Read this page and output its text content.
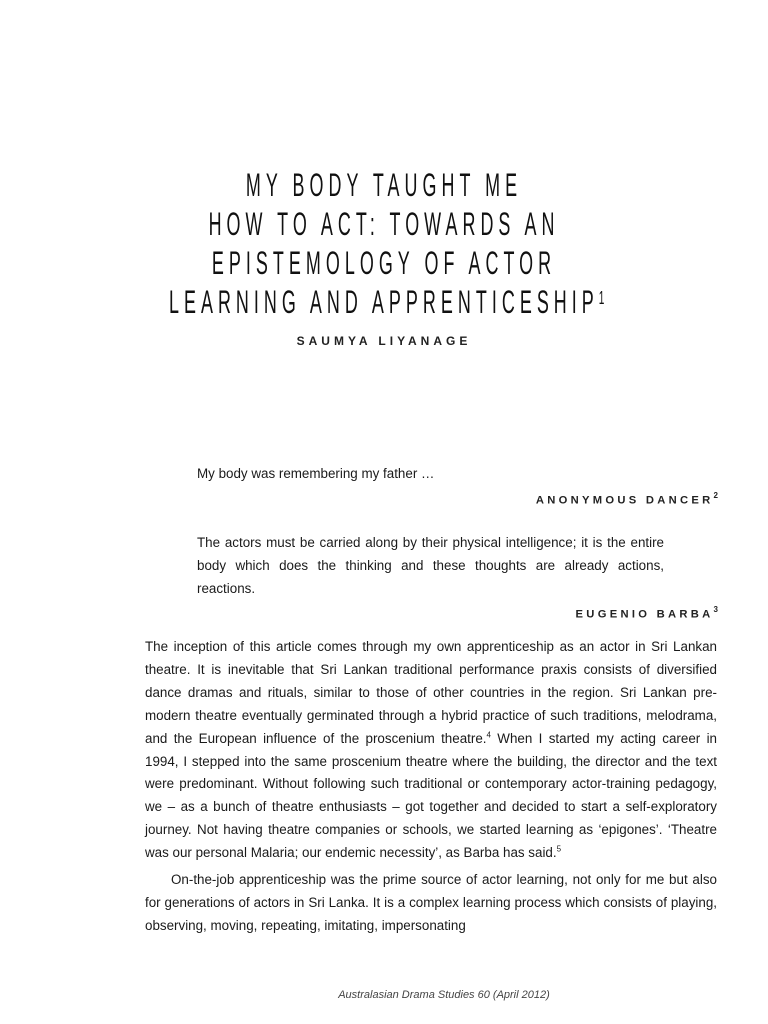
MY BODY TAUGHT ME
HOW TO ACT: TOWARDS AN
EPISTEMOLOGY OF ACTOR
LEARNING AND APPRENTICESHIP$^1$
SAUMYA LIYANAGE
My body was remembering my father …
ANONYMOUS DANCER$^2$
The actors must be carried along by their physical intelligence; it is the entire body which does the thinking and these thoughts are already actions, reactions.
EUGENIO BARBA$^3$

The inception of this article comes through my own apprenticeship as an actor in Sri Lankan theatre. It is inevitable that Sri Lankan traditional performance praxis consists of diversified dance dramas and rituals, similar to those of other countries in the region. Sri Lankan pre-modern theatre eventually germinated through a hybrid practice of such traditions, melodrama, and the European influence of the proscenium theatre.$^4$ When I started my acting career in 1994, I stepped into the same proscenium theatre where the building, the director and the text were predominant. Without following such traditional or contemporary actor-training pedagogy, we – as a bunch of theatre enthusiasts – got together and decided to start a self-exploratory journey. Not having theatre companies or schools, we started learning as ‘epigones’. ‘Theatre was our personal Malaria; our endemic necessity’, as Barba has said.$^5$

On-the-job apprenticeship was the prime source of actor learning, not only for me but also for generations of actors in Sri Lanka. It is a complex learning process which consists of playing, observing, moving, repeating, imitating, impersonating

Australasian Drama Studies 60 (April 2012)
